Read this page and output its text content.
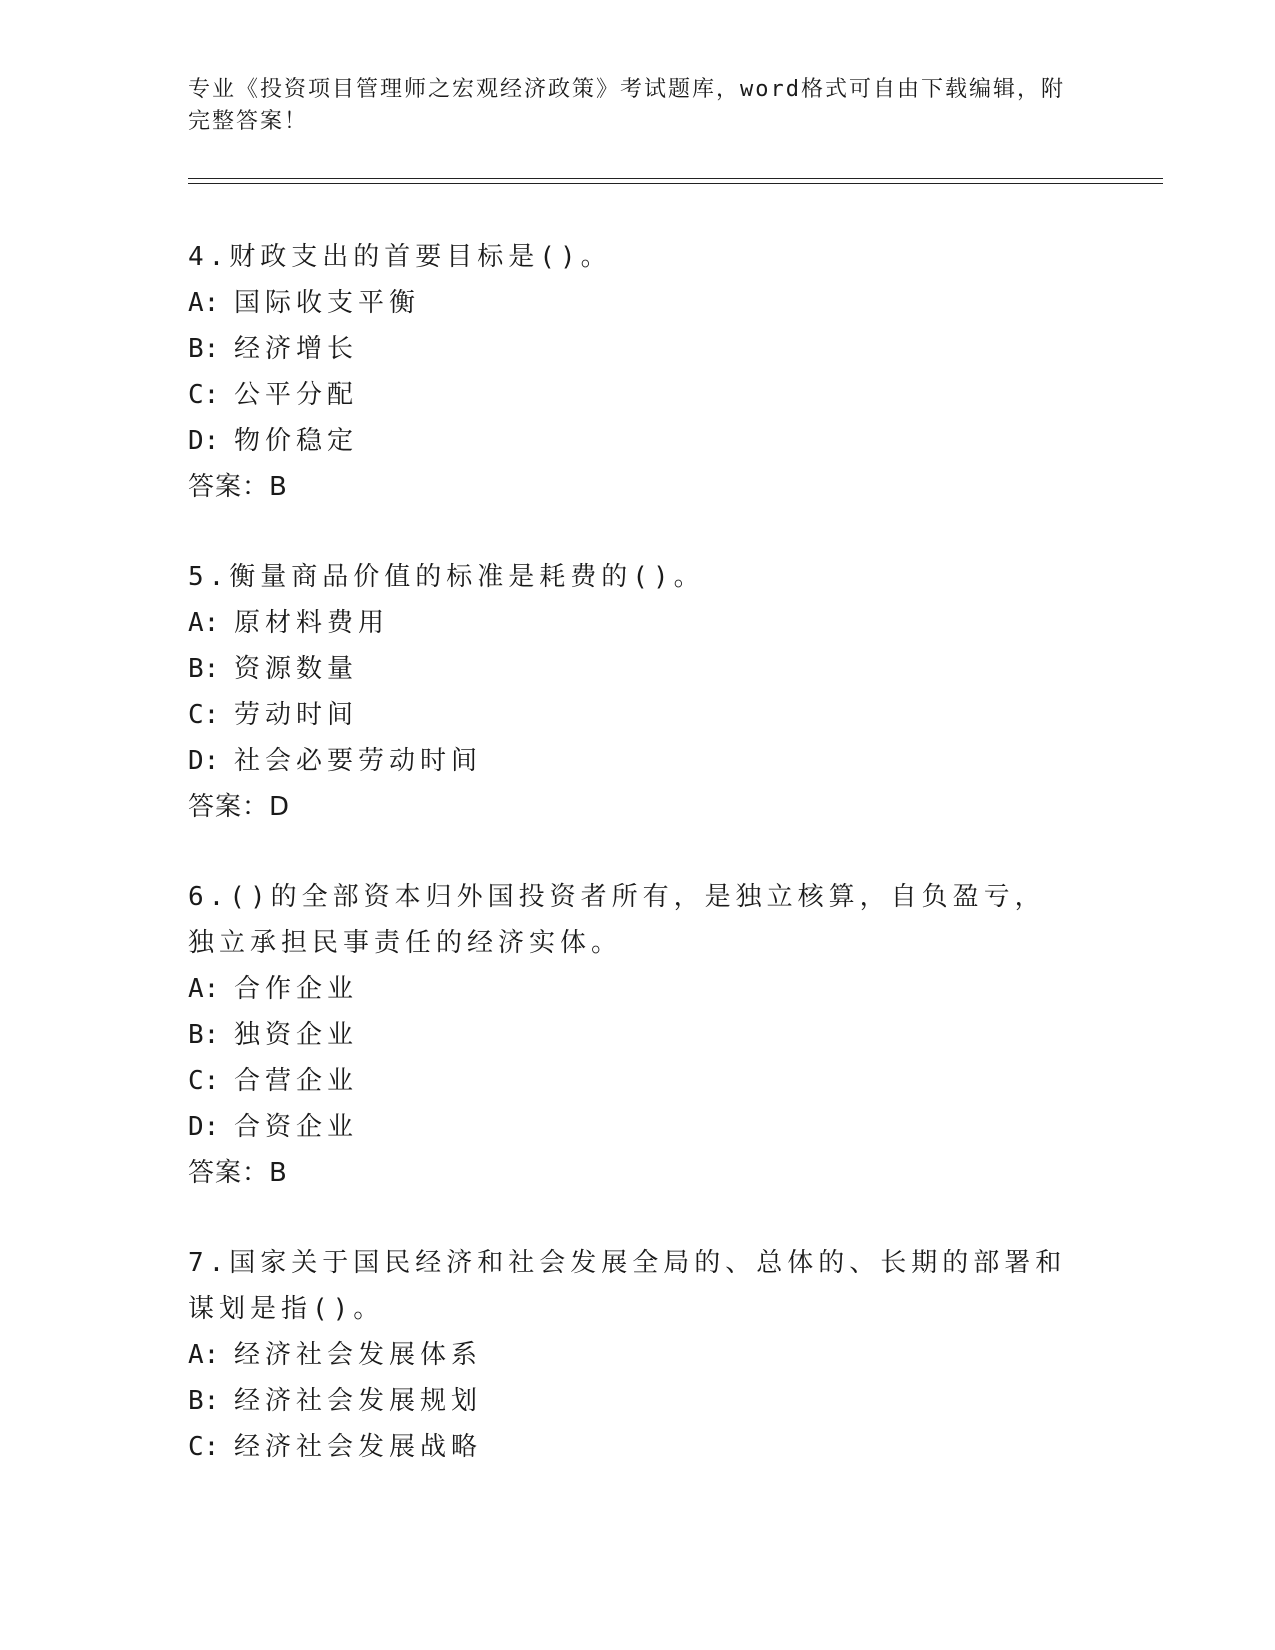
专业《投资项目管理师之宏观经济政策》考试题库，word格式可自由下载编辑，附完整答案！
4.财政支出的首要目标是()。
A: 国际收支平衡
B: 经济增长
C: 公平分配
D: 物价稳定
答案：B
5.衡量商品价值的标准是耗费的()。
A: 原材料费用
B: 资源数量
C: 劳动时间
D: 社会必要劳动时间
答案：D
6.()的全部资本归外国投资者所有，是独立核算，自负盈亏，独立承担民事责任的经济实体。
A: 合作企业
B: 独资企业
C: 合营企业
D: 合资企业
答案：B
7.国家关于国民经济和社会发展全局的、总体的、长期的部署和谋划是指()。
A: 经济社会发展体系
B: 经济社会发展规划
C: 经济社会发展战略
